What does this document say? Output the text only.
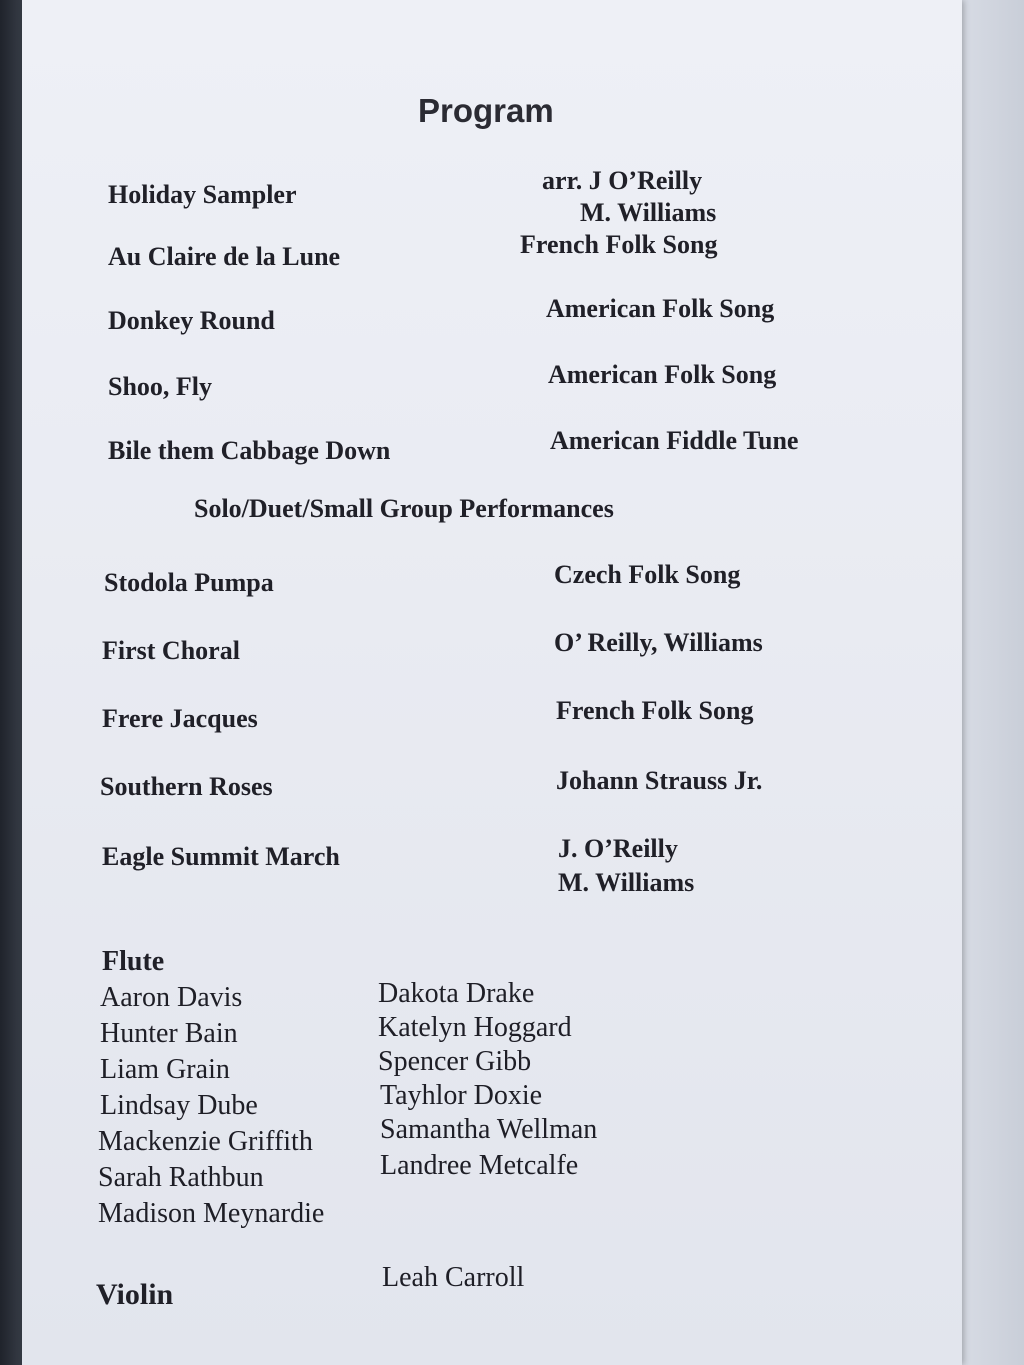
Program
Holiday Sampler	arr. J O’Reilly
M. Williams
Au Claire de la Lune	French Folk Song
Donkey Round	American Folk Song
Shoo, Fly	American Folk Song
Bile them Cabbage Down	American Fiddle Tune
Solo/Duet/Small Group Performances
Stodola Pumpa	Czech Folk Song
First Choral	O’ Reilly, Williams
Frere Jacques	French Folk Song
Southern Roses	Johann Strauss Jr.
Eagle Summit March	J. O’Reilly
M. Williams
Flute
Aaron Davis
Hunter Bain
Liam Grain
Lindsay Dube
Mackenzie Griffith
Sarah Rathbun
Madison Meynardie
Dakota Drake
Katelyn Hoggard
Spencer Gibb
Tayhlor Doxie
Samantha Wellman
Landree Metcalfe
Violin
Leah Carroll
